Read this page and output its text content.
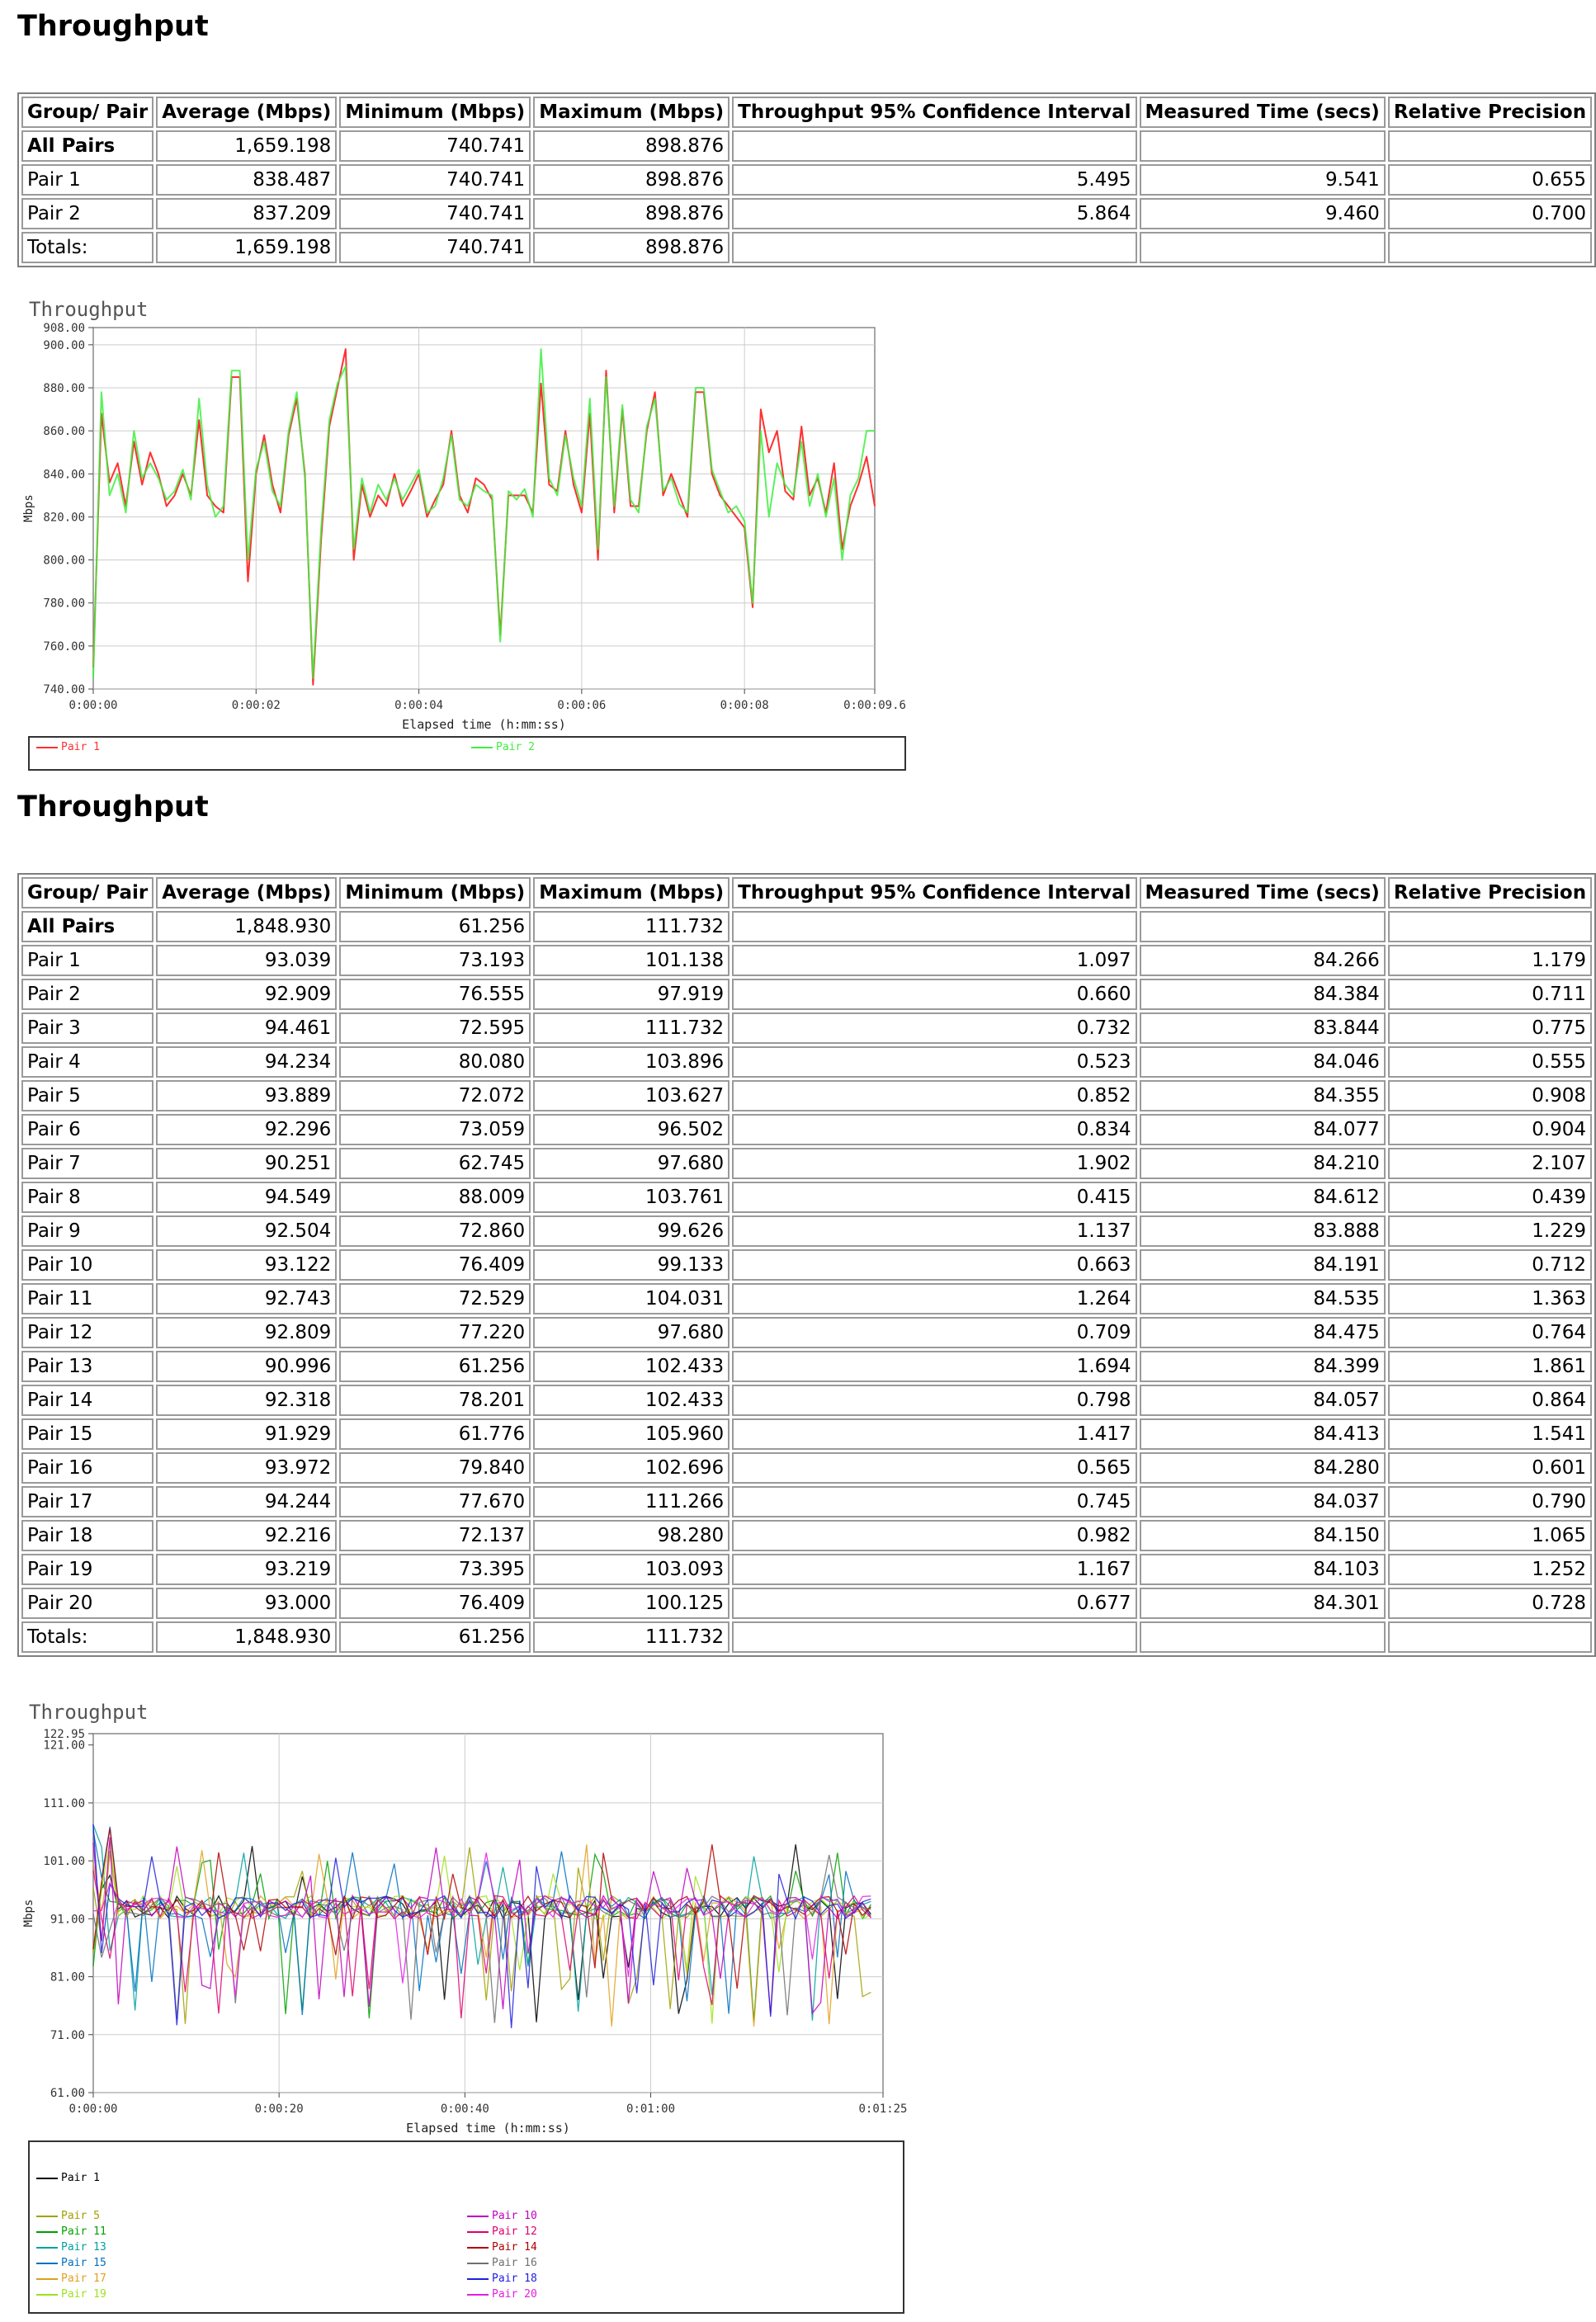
Throughput
Group/ Pair	Average (Mbps)	Minimum (Mbps)	Maximum (Mbps)	Throughput 95% Confidence Interval	Measured Time (secs)	Relative Precision
All Pairs	1,659.198	740.741	898.876			
Pair 1	838.487	740.741	898.876	5.495	9.541	0.655
Pair 2	837.209	740.741	898.876	5.864	9.460	0.700
Totals:	1,659.198	740.741	898.876			
Throughput
908.00
900.00
880.00
860.00
840.00
820.00
800.00
780.00
760.00
740.00
0:00:00	0:00:02	0:00:04	0:00:06	0:00:08	0:00:09.6
Elapsed time (h:mm:ss)
Mbps
Pair 1	Pair 2
Throughput
Group/ Pair	Average (Mbps)	Minimum (Mbps)	Maximum (Mbps)	Throughput 95% Confidence Interval	Measured Time (secs)	Relative Precision
All Pairs	1,848.930	61.256	111.732			
Pair 1	93.039	73.193	101.138	1.097	84.266	1.179
Pair 2	92.909	76.555	97.919	0.660	84.384	0.711
Pair 3	94.461	72.595	111.732	0.732	83.844	0.775
Pair 4	94.234	80.080	103.896	0.523	84.046	0.555
Pair 5	93.889	72.072	103.627	0.852	84.355	0.908
Pair 6	92.296	73.059	96.502	0.834	84.077	0.904
Pair 7	90.251	62.745	97.680	1.902	84.210	2.107
Pair 8	94.549	88.009	103.761	0.415	84.612	0.439
Pair 9	92.504	72.860	99.626	1.137	83.888	1.229
Pair 10	93.122	76.409	99.133	0.663	84.191	0.712
Pair 11	92.743	72.529	104.031	1.264	84.535	1.363
Pair 12	92.809	77.220	97.680	0.709	84.475	0.764
Pair 13	90.996	61.256	102.433	1.694	84.399	1.861
Pair 14	92.318	78.201	102.433	0.798	84.057	0.864
Pair 15	91.929	61.776	105.960	1.417	84.413	1.541
Pair 16	93.972	79.840	102.696	0.565	84.280	0.601
Pair 17	94.244	77.670	111.266	0.745	84.037	0.790
Pair 18	92.216	72.137	98.280	0.982	84.150	1.065
Pair 19	93.219	73.395	103.093	1.167	84.103	1.252
Pair 20	93.000	76.409	100.125	0.677	84.301	0.728
Totals:	1,848.930	61.256	111.732			
Throughput
122.95
121.00
111.00
101.00
91.00
81.00
71.00
61.00
0:00:00	0:00:20	0:00:40	0:01:00	0:01:25
Elapsed time (h:mm:ss)
Mbps
Pair 1
Pair 5
Pair 11
Pair 13
Pair 15
Pair 17
Pair 19
Pair 10
Pair 12
Pair 14
Pair 16
Pair 18
Pair 20
